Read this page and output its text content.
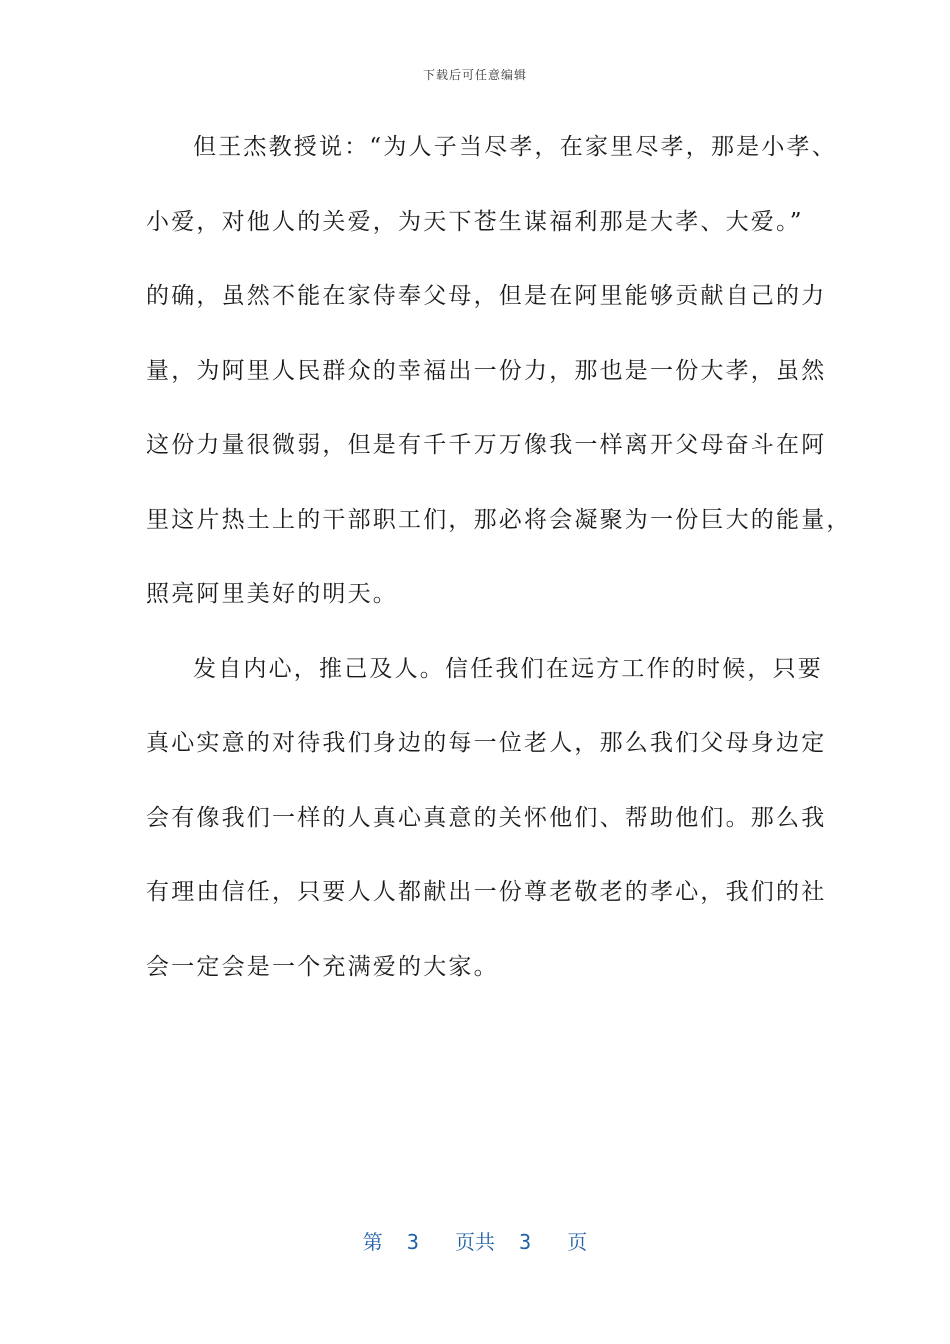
下载后可任意编辑
但王杰教授说：“为人子当尽孝，在家里尽孝，那是小孝、
小爱，对他人的关爱，为天下苍生谋福利那是大孝、大爱。”
的确，虽然不能在家侍奉父母，但是在阿里能够贡献自己的力
量，为阿里人民群众的幸福出一份力，那也是一份大孝，虽然
这份力量很微弱，但是有千千万万像我一样离开父母奋斗在阿
里这片热土上的干部职工们，那必将会凝聚为一份巨大的能量，
照亮阿里美好的明天。
发自内心，推己及人。信任我们在远方工作的时候，只要
真心实意的对待我们身边的每一位老人，那么我们父母身边定
会有像我们一样的人真心真意的关怀他们、帮助他们。那么我
有理由信任，只要人人都献出一份尊老敬老的孝心，我们的社
会一定会是一个充满爱的大家。
第 3 页共 3 页
